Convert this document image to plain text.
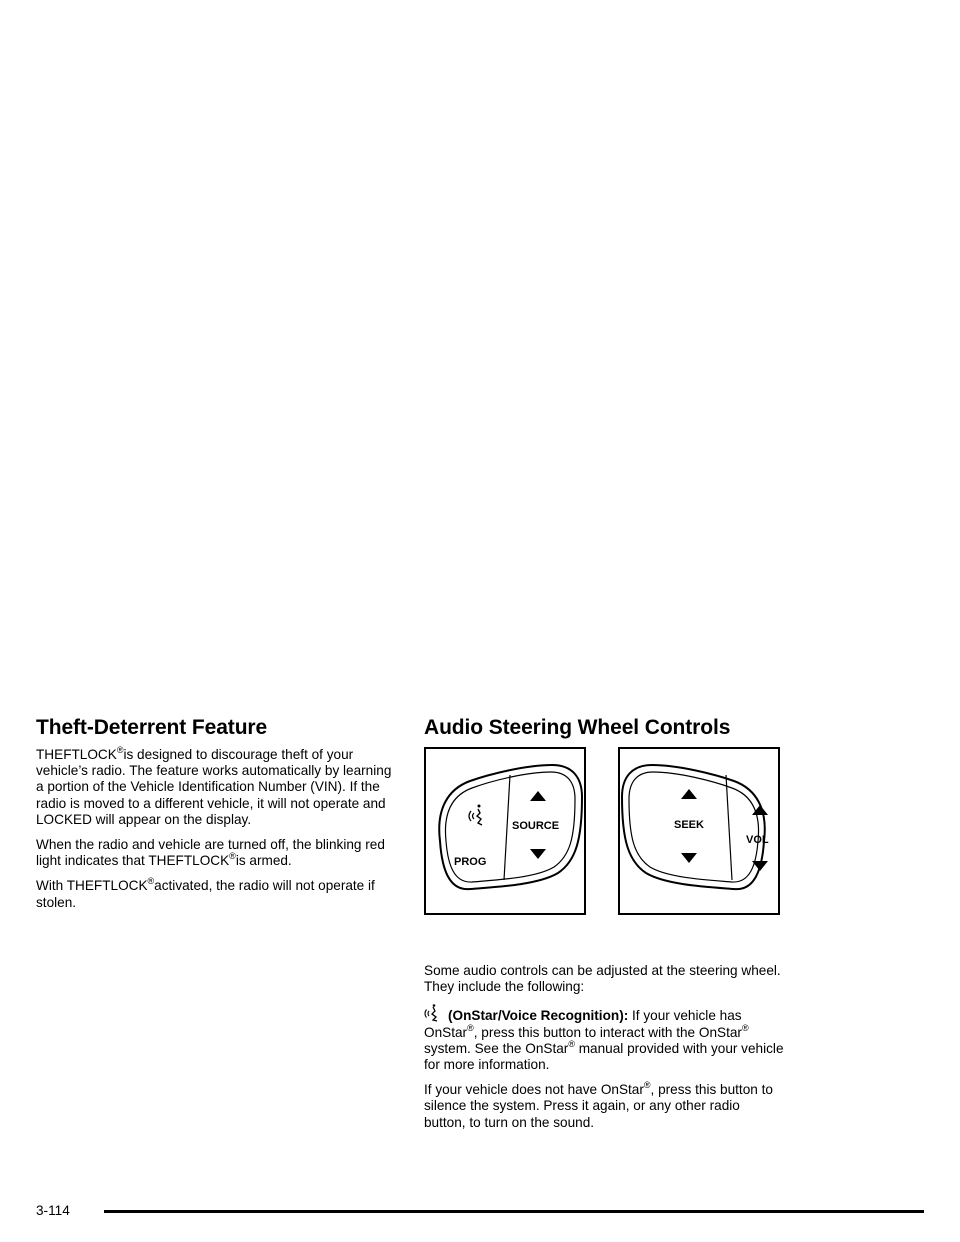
Theft-Deterrent Feature

THEFTLOCK®is designed to discourage theft of your vehicle’s radio. The feature works automatically by learning a portion of the Vehicle Identification Number (VIN). If the radio is moved to a different vehicle, it will not operate and LOCKED will appear on the display.

When the radio and vehicle are turned off, the blinking red light indicates that THEFTLOCK®is armed.

With THEFTLOCK®activated, the radio will not operate if stolen.

Audio Steering Wheel Controls
PROG
SOURCE	SEEK
VOL

Some audio controls can be adjusted at the steering wheel. They include the following:

(OnStar/Voice Recognition): If your vehicle has OnStar®, press this button to interact with the OnStar® system. See the OnStar® manual provided with your vehicle for more information.

If your vehicle does not have OnStar®, press this button to silence the system. Press it again, or any other radio button, to turn on the sound.

3-114
